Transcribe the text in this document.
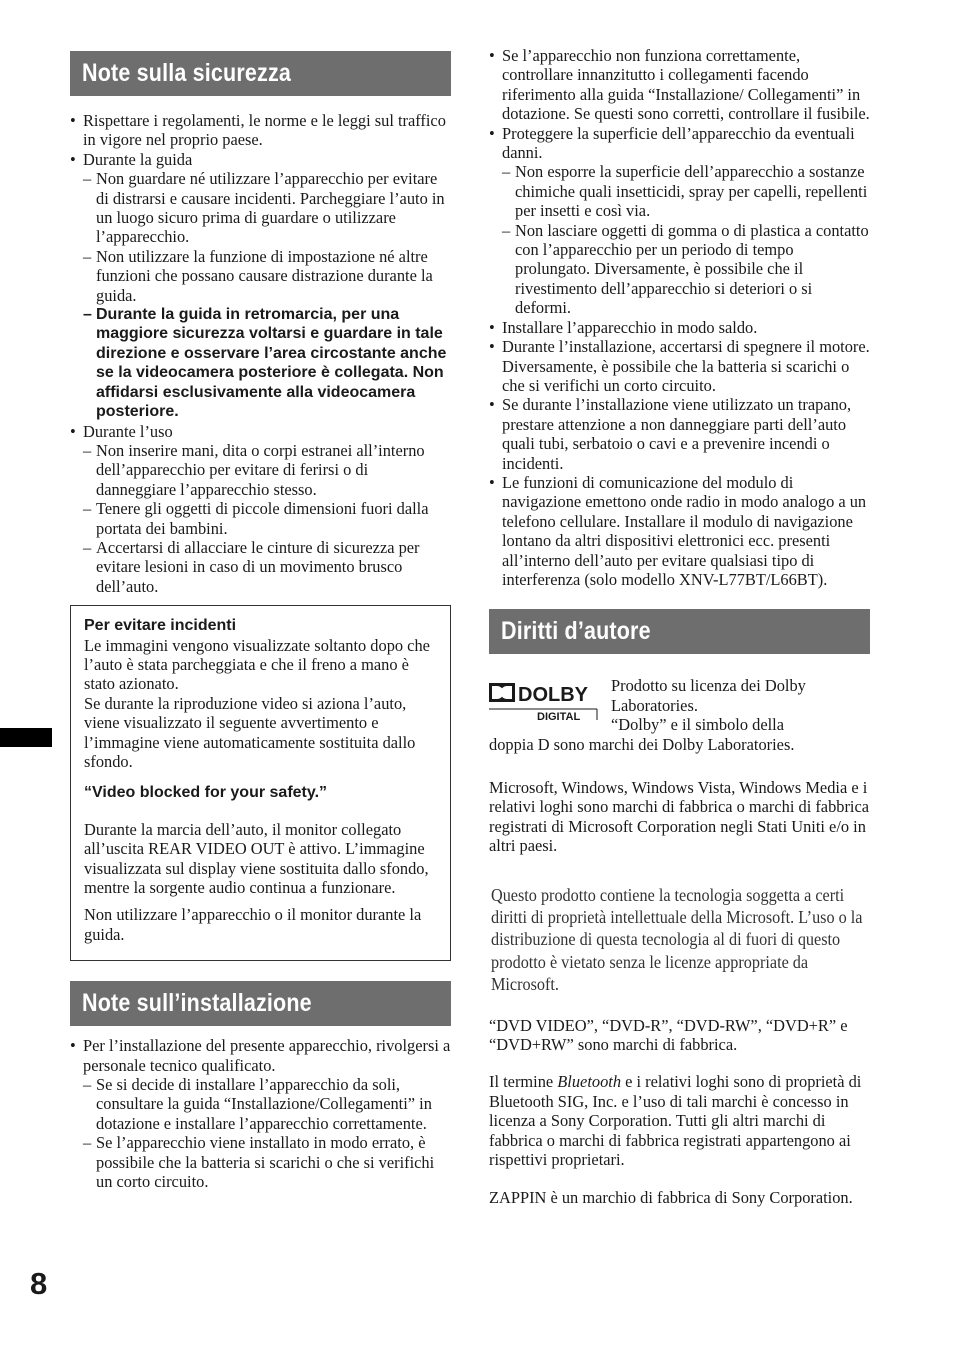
Note sulla sicurezza
• Rispettare i regolamenti, le norme e le leggi sul traffico in vigore nel proprio paese.
• Durante la guida
– Non guardare né utilizzare l’apparecchio per evitare di distrarsi e causare incidenti. Parcheggiare l’auto in un luogo sicuro prima di guardare o utilizzare l’apparecchio.
– Non utilizzare la funzione di impostazione né altre funzioni che possano causare distrazione durante la guida.
– Durante la guida in retromarcia, per una maggiore sicurezza voltarsi e guardare in tale direzione e osservare l’area circostante anche se la videocamera posteriore è collegata. Non affidarsi esclusivamente alla videocamera posteriore.
• Durante l’uso
– Non inserire mani, dita o corpi estranei all’interno dell’apparecchio per evitare di ferirsi o di danneggiare l’apparecchio stesso.
– Tenere gli oggetti di piccole dimensioni fuori dalla portata dei bambini.
– Accertarsi di allacciare le cinture di sicurezza per evitare lesioni in caso di un movimento brusco dell’auto.

Per evitare incidenti

Le immagini vengono visualizzate soltanto dopo che l’auto è stata parcheggiata e che il freno a mano è stato azionato.

Se durante la riproduzione video si aziona l’auto, viene visualizzato il seguente avvertimento e l’immagine viene automaticamente sostituita dallo sfondo.

“Video blocked for your safety.”

Durante la marcia dell’auto, il monitor collegato all’uscita REAR VIDEO OUT è attivo. L’immagine visualizzata sul display viene sostituita dallo sfondo, mentre la sorgente audio continua a funzionare.

Non utilizzare l’apparecchio o il monitor durante la guida.

Note sull’installazione
• Per l’installazione del presente apparecchio, rivolgersi a personale tecnico qualificato.
– Se si decide di installare l’apparecchio da soli, consultare la guida “Installazione/Collegamenti” in dotazione e installare l’apparecchio correttamente.
– Se l’apparecchio viene installato in modo errato, è possibile che la batteria si scarichi o che si verifichi un corto circuito.
• Se l’apparecchio non funziona correttamente, controllare innanzitutto i collegamenti facendo riferimento alla guida “Installazione/ Collegamenti” in dotazione. Se questi sono corretti, controllare il fusibile.
• Proteggere la superficie dell’apparecchio da eventuali danni.
– Non esporre la superficie dell’apparecchio a sostanze chimiche quali insetticidi, spray per capelli, repellenti per insetti e così via.
– Non lasciare oggetti di gomma o di plastica a contatto con l’apparecchio per un periodo di tempo prolungato. Diversamente, è possibile che il rivestimento dell’apparecchio si deteriori o si deformi.
• Installare l’apparecchio in modo saldo.
• Durante l’installazione, accertarsi di spegnere il motore. Diversamente, è possibile che la batteria si scarichi o che si verifichi un corto circuito.
• Se durante l’installazione viene utilizzato un trapano, prestare attenzione a non danneggiare parti dell’auto quali tubi, serbatoio o cavi e a prevenire incendi o incidenti.
• Le funzioni di comunicazione del modulo di navigazione emettono onde radio in modo analogo a un telefono cellulare. Installare il modulo di navigazione lontano da altri dispositivi elettronici ecc. presenti all’interno dell’auto per evitare qualsiasi tipo di interferenza (solo modello XNV-L77BT/L66BT).
Diritti d’autore
DOLBY
DIGITAL
Prodotto su licenza dei Dolby Laboratories.
“Dolby” e il simbolo della

doppia D sono marchi dei Dolby Laboratories.

Microsoft, Windows, Windows Vista, Windows Media e i relativi loghi sono marchi di fabbrica o marchi di fabbrica registrati di Microsoft Corporation negli Stati Uniti e/o in altri paesi.

Questo prodotto contiene la tecnologia soggetta a certi diritti di proprietà intellettuale della Microsoft. L’uso o la distribuzione di questa tecnologia al di fuori di questo prodotto è vietato senza le licenze appropriate da Microsoft.

“DVD VIDEO”, “DVD-R”, “DVD-RW”, “DVD+R” e “DVD+RW” sono marchi di fabbrica.

Il termine Bluetooth e i relativi loghi sono di proprietà di Bluetooth SIG, Inc. e l’uso di tali marchi è concesso in licenza a Sony Corporation. Tutti gli altri marchi di fabbrica o marchi di fabbrica registrati appartengono ai rispettivi proprietari.

ZAPPIN è un marchio di fabbrica di Sony Corporation.

8
